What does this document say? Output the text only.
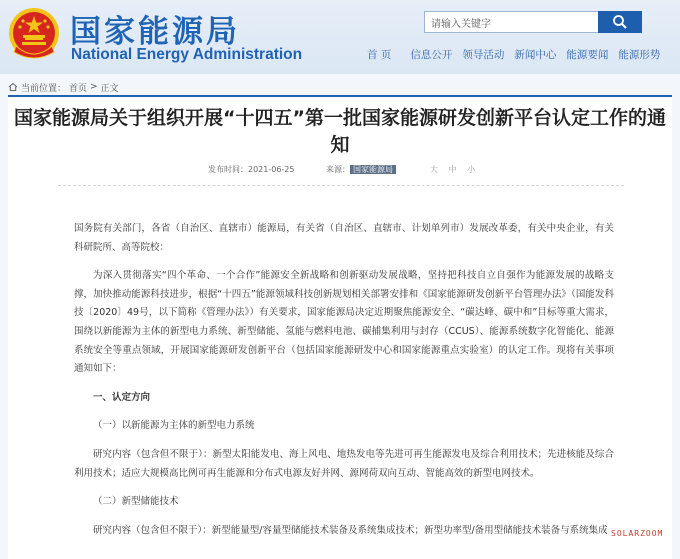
国家能源局
National Energy Administration
请输入关键字	首 页	信息公开 领导活动 新闻中心 能源要闻 能源形势
当前位置： 首页 > 正文
国家能源局关于组织开展“十四五”第一批国家能源研发创新平台认定工作的通知
发布时间：2021-06-25	来源： 国家能源局	大 中 小

国务院有关部门，各省（自治区、直辖市）能源局，有关省（自治区、直辖市、计划单列市）发展改革委，有关中央企业，有关科研院所、高等院校：

为深入贯彻落实“四个革命、一个合作”能源安全新战略和创新驱动发展战略，坚持把科技自立自强作为能源发展的战略支撑，加快推动能源科技进步，根据“十四五”能源领域科技创新规划相关部署安排和《国家能源研发创新平台管理办法》（国能发科技〔2020〕49号，以下简称《管理办法》）有关要求，国家能源局决定近期聚焦能源安全、“碳达峰、碳中和”目标等重大需求，围绕以新能源为主体的新型电力系统、新型储能、氢能与燃料电池、碳捕集利用与封存（CCUS）、能源系统数字化智能化、能源系统安全等重点领域，开展国家能源研发创新平台（包括国家能源研发中心和国家能源重点实验室）的认定工作。现将有关事项通知如下：

一、认定方向

（一）以新能源为主体的新型电力系统

研究内容（包含但不限于）：新型太阳能发电、海上风电、地热发电等先进可再生能源发电及综合利用技术；先进核能及综合利用技术；适应大规模高比例可再生能源和分布式电源友好并网、源网荷双向互动、智能高效的新型电网技术。

（二）新型储能技术

研究内容（包含但不限于）：新型能量型/容量型储能技术装备及系统集成技术；新型功率型/备用型储能技术装备与系统集成 SOLARZOOM
